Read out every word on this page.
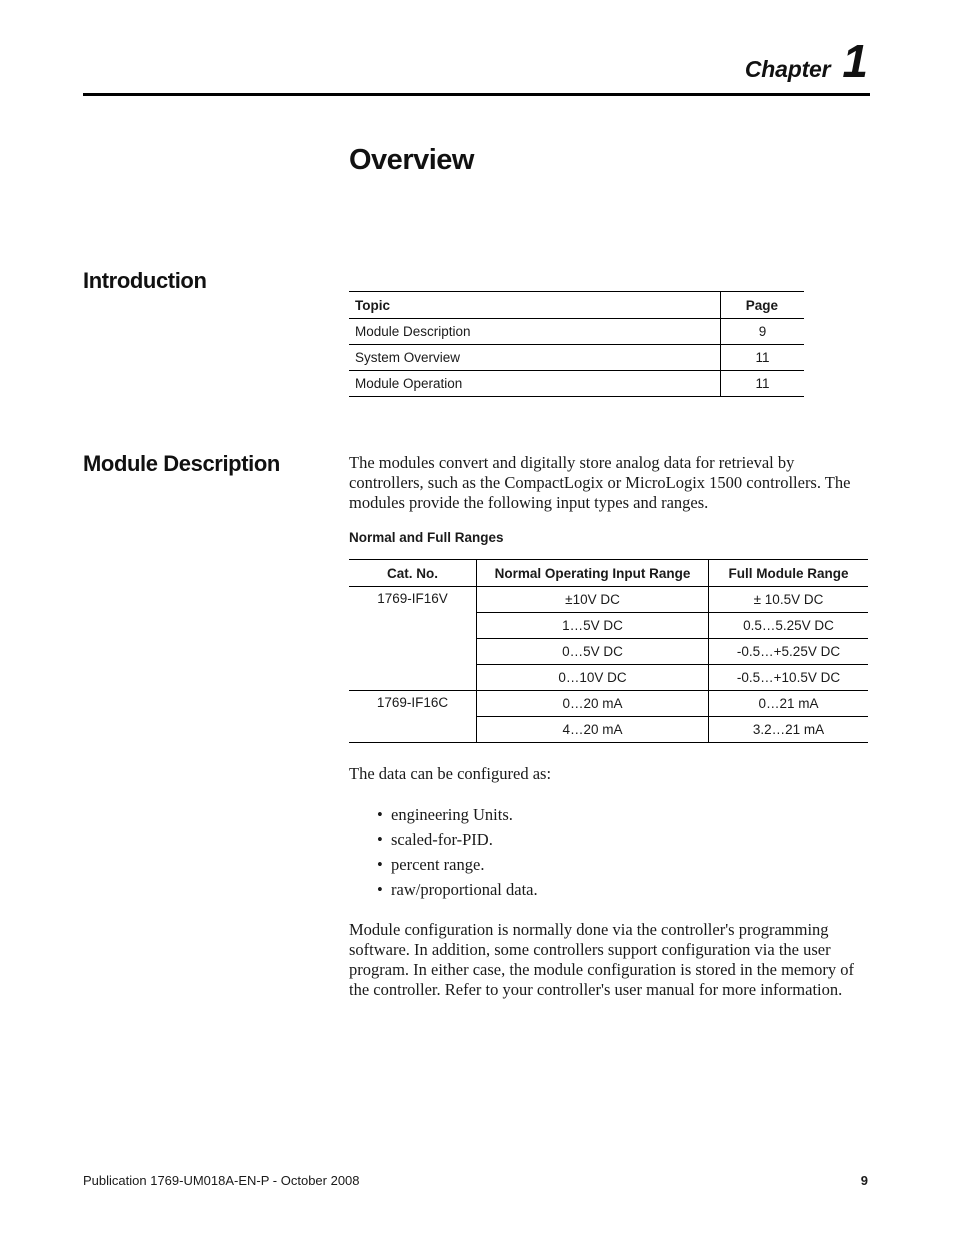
Chapter 1
Overview
Introduction
Topic	Page
Module Description	9
System Overview	11
Module Operation	11
Module Description	The modules convert and digitally store analog data for retrieval by controllers, such as the CompactLogix or MicroLogix 1500 controllers. The modules provide the following input types and ranges.

Normal and Full Ranges

Cat. No.	Normal Operating Input Range	Full Module Range
1769-IF16V	±10V DC	± 10.5V DC
	1…5V DC	0.5…5.25V DC
	0…5V DC	-0.5…+5.25V DC
	0…10V DC	-0.5…+10.5V DC
1769-IF16C	0…20 mA	0…21 mA
	4…20 mA	3.2…21 mA

The data can be configured as:

• engineering Units.
• scaled-for-PID.
• percent range.
• raw/proportional data.

Module configuration is normally done via the controller's programming software. In addition, some controllers support configuration via the user program. In either case, the module configuration is stored in the memory of the controller. Refer to your controller's user manual for more information.

Publication 1769-UM018A-EN-P - October 2008	9
